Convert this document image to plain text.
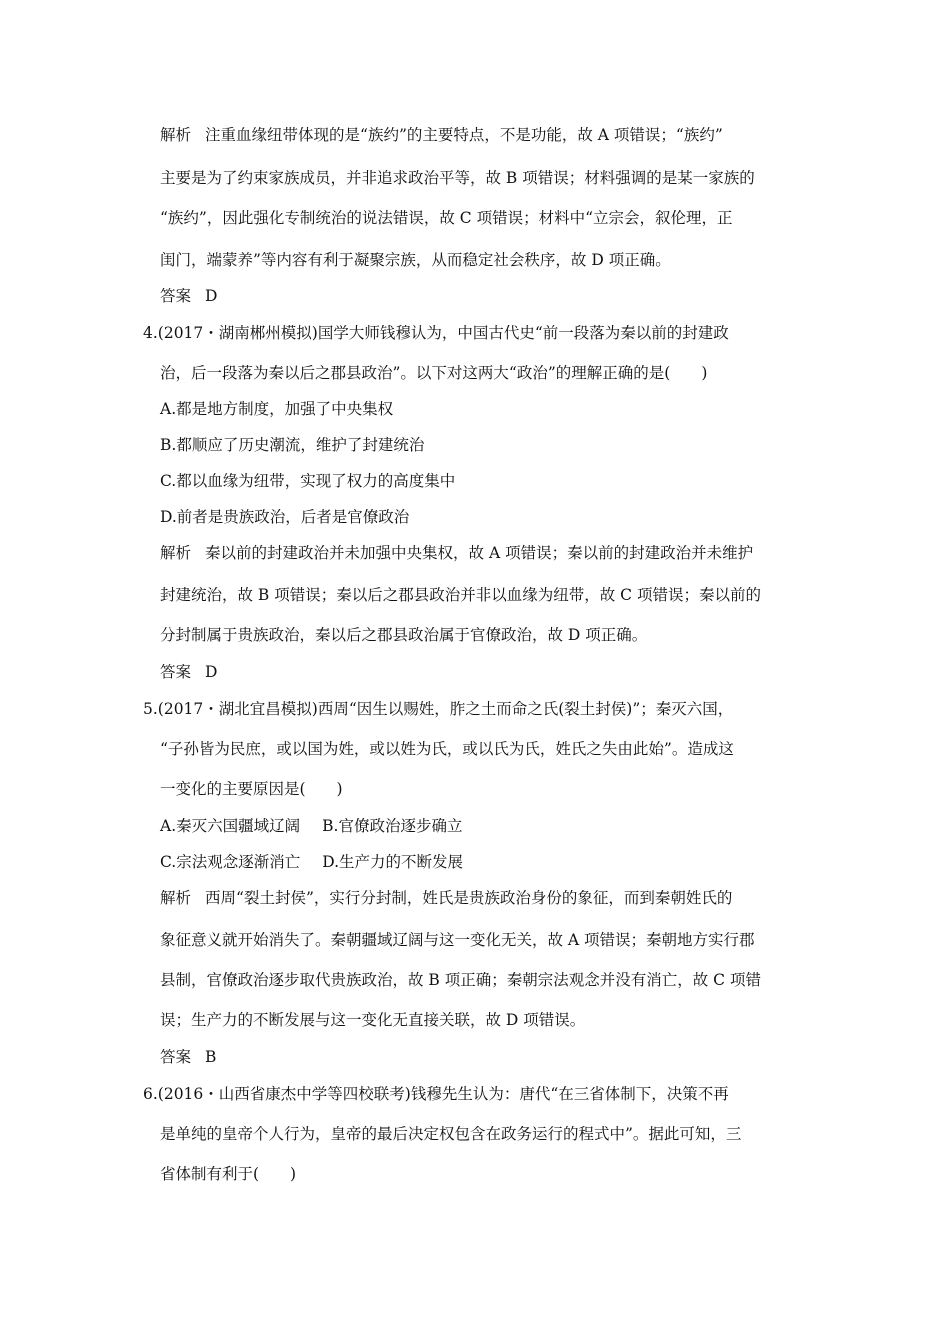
解析 注重血缘纽带体现的是“族约”的主要特点，不是功能，故 A 项错误；“族约”
主要是为了约束家族成员，并非追求政治平等，故 B 项错误；材料强调的是某一家族的
“族约”，因此强化专制统治的说法错误，故 C 项错误；材料中“立宗会，叙伦理，正
闺门，端蒙养”等内容有利于凝聚宗族，从而稳定社会秩序，故 D 项正确。
答案 D
4.(2017・湖南郴州模拟)国学大师钱穆认为，中国古代史“前一段落为秦以前的封建政
治，后一段落为秦以后之郡县政治”。以下对这两大“政治”的理解正确的是(　　)
A.都是地方制度，加强了中央集权
B.都顺应了历史潮流，维护了封建统治
C.都以血缘为纽带，实现了权力的高度集中
D.前者是贵族政治，后者是官僚政治
解析 秦以前的封建政治并未加强中央集权，故 A 项错误；秦以前的封建政治并未维护
封建统治，故 B 项错误；秦以后之郡县政治并非以血缘为纽带，故 C 项错误；秦以前的
分封制属于贵族政治，秦以后之郡县政治属于官僚政治，故 D 项正确。
答案 D
5.(2017・湖北宜昌模拟)西周“因生以赐姓，胙之土而命之氏(裂土封侯)”；秦灭六国，
“子孙皆为民庶，或以国为姓，或以姓为氏，或以氏为氏，姓氏之失由此始”。造成这
一变化的主要原因是(　　)
A.秦灭六国疆域辽阔 B.官僚政治逐步确立
C.宗法观念逐渐消亡 D.生产力的不断发展
解析 西周“裂土封侯”，实行分封制，姓氏是贵族政治身份的象征，而到秦朝姓氏的
象征意义就开始消失了。秦朝疆域辽阔与这一变化无关，故 A 项错误；秦朝地方实行郡
县制，官僚政治逐步取代贵族政治，故 B 项正确；秦朝宗法观念并没有消亡，故 C 项错
误；生产力的不断发展与这一变化无直接关联，故 D 项错误。
答案 B
6.(2016・山西省康杰中学等四校联考)钱穆先生认为：唐代“在三省体制下，决策不再
是单纯的皇帝个人行为，皇帝的最后决定权包含在政务运行的程式中”。据此可知，三
省体制有利于(　　)
